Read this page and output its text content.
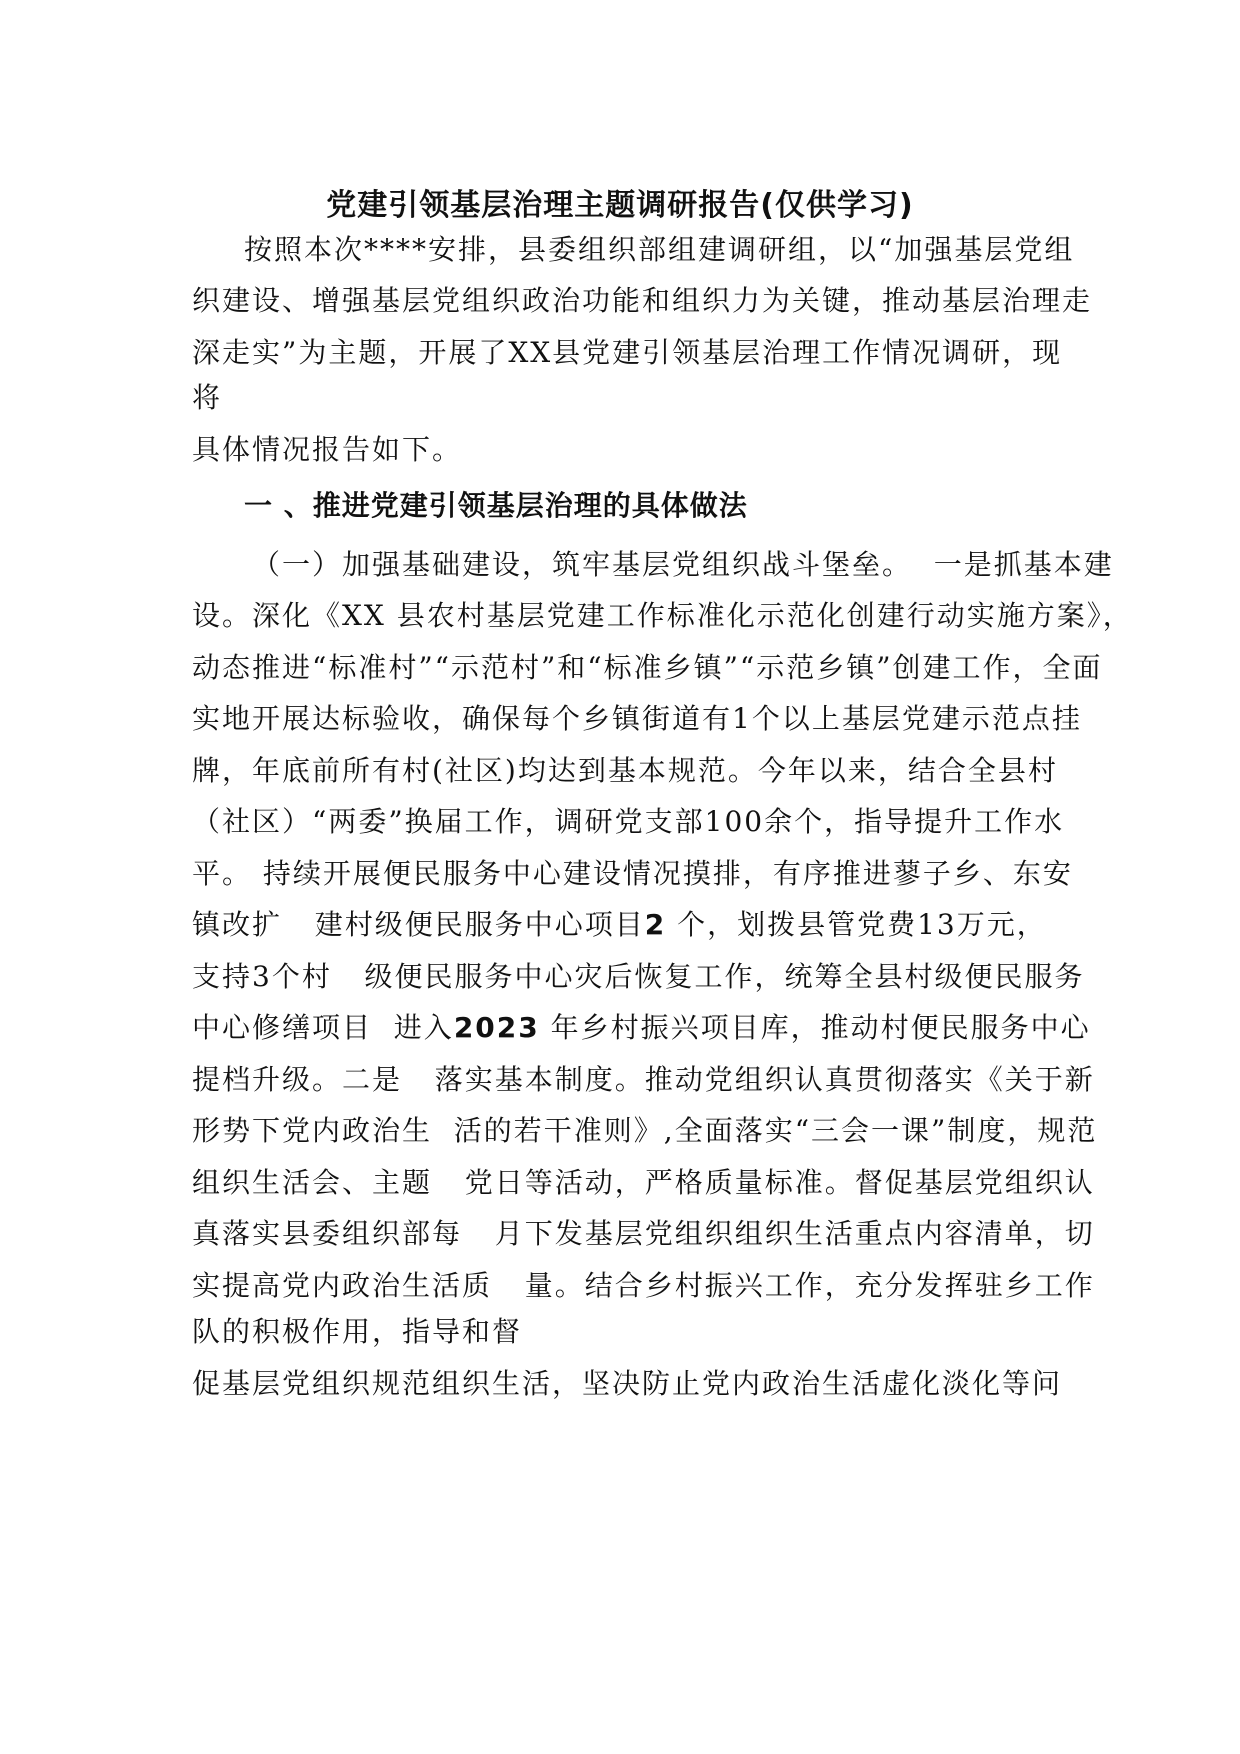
党建引领基层治理主题调研报告(仅供学习)
按照本次****安排，县委组织部组建调研组，以“加强基层党组
织建设、增强基层党组织政治功能和组织力为关键，推动基层治理走
深走实”为主题，开展了XX县党建引领基层治理工作情况调研，现
将
具体情况报告如下。
一 、推进党建引领基层治理的具体做法
（一）加强基础建设，筑牢基层党组织战斗堡垒。  一是抓基本建
设。深化《XX 县农村基层党建工作标准化示范化创建行动实施方案》，
动态推进“标准村”“示范村”和“标准乡镇”“示范乡镇”创建工作，全面
实地开展达标验收，确保每个乡镇街道有1个以上基层党建示范点挂
牌，年底前所有村(社区)均达到基本规范。今年以来，结合全县村
（社区）“两委”换届工作，调研党支部100余个，指导提升工作水
平。 持续开展便民服务中心建设情况摸排，有序推进蓼子乡、东安
镇改扩   建村级便民服务中心项目2 个，划拨县管党费13万元，
支持3个村   级便民服务中心灾后恢复工作，统筹全县村级便民服务
中心修缮项目  进入2023 年乡村振兴项目库，推动村便民服务中心
提档升级。二是   落实基本制度。推动党组织认真贯彻落实《关于新
形势下党内政治生  活的若干准则》,全面落实“三会一课”制度，规范
组织生活会、主题   党日等活动，严格质量标准。督促基层党组织认
真落实县委组织部每   月下发基层党组织组织生活重点内容清单，切
实提高党内政治生活质   量。结合乡村振兴工作，充分发挥驻乡工作
队的积极作用，指导和督
促基层党组织规范组织生活，坚决防止党内政治生活虚化淡化等问
